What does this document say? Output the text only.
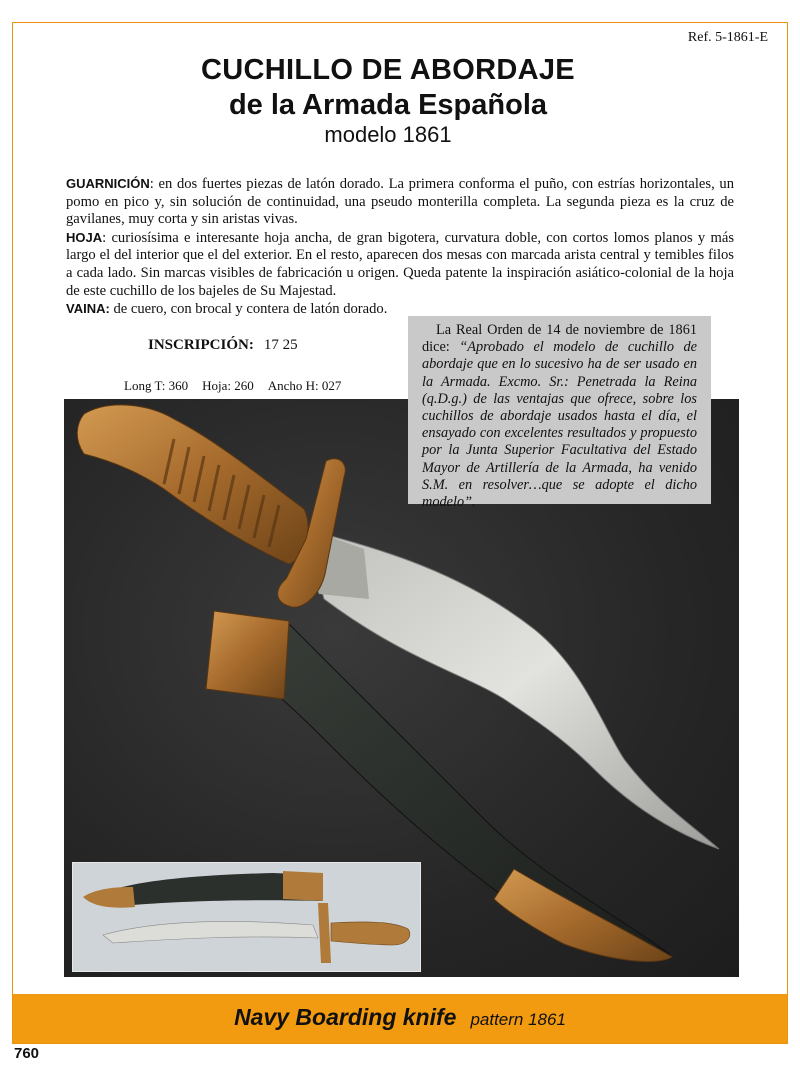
Ref. 5-1861-E
CUCHILLO DE ABORDAJE
de la Armada Española
modelo 1861

GUARNICIÓN: en dos fuertes piezas de latón dorado. La primera conforma el puño, con estrías horizontales, un pomo en pico y, sin solución de continuidad, una pseudo monterilla completa. La segunda pieza es la cruz de gavilanes, muy corta y sin aristas vivas.

HOJA: curiosísima e interesante hoja ancha, de gran bigotera, curvatura doble, con cortos lomos planos y más largo el del interior que el del exterior. En el resto, aparecen dos mesas con marcada arista central y temibles filos a cada lado. Sin marcas visibles de fabricación u origen. Queda patente la inspiración asiático-colonial de la hoja de este cuchillo de los bajeles de Su Majestad.

VAINA: de cuero, con brocal y contera de latón dorado.

INSCRIPCIÓN: 17 25
Long T: 360 Hoja: 260 Ancho H: 027
La Real Orden de 14 de noviembre de 1861 dice: “Aprobado el modelo de cuchillo de abordaje que en lo sucesivo ha de ser usado en la Armada. Excmo. Sr.: Penetrada la Reina (q.D.g.) de las ventajas que ofrece, sobre los cuchillos de abordaje usados hasta el día, el ensayado con excelentes resultados y propuesto por la Junta Superior Facultativa del Estado Mayor de Artillería de la Armada, ha venido S.M. en resolver…que se adopte el dicho modelo”.
Navy Boarding knife pattern 1861
760
